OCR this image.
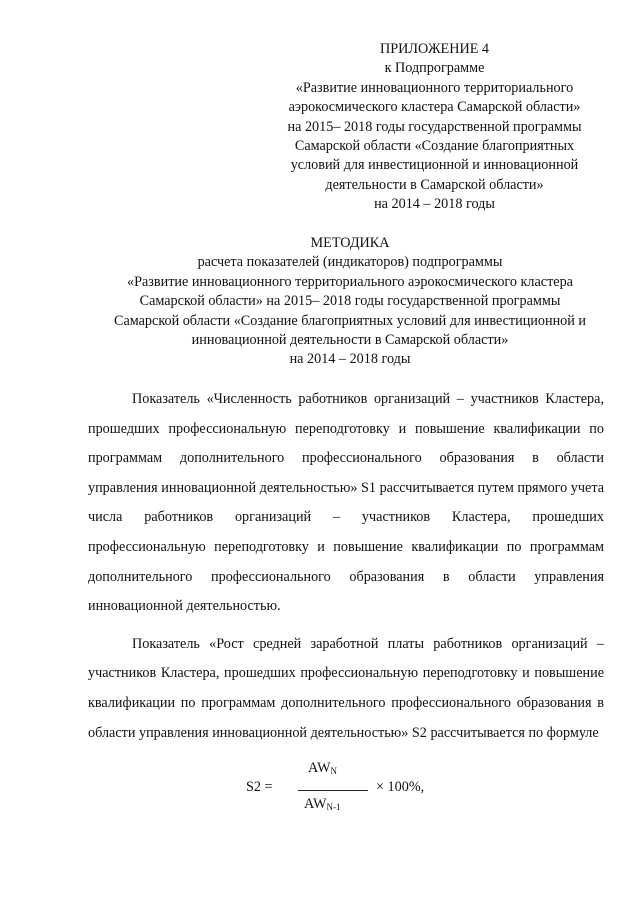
ПРИЛОЖЕНИЕ 4
к Подпрограмме
«Развитие инновационного территориального
аэрокосмического кластера Самарской области»
на 2015– 2018 годы государственной программы
Самарской области «Создание благоприятных
условий для инвестиционной и инновационной
деятельности в Самарской области»
на 2014 – 2018 годы
МЕТОДИКА
расчета показателей (индикаторов) подпрограммы
«Развитие инновационного территориального аэрокосмического кластера
Самарской области» на 2015– 2018 годы государственной программы
Самарской области «Создание благоприятных условий для инвестиционной и
инновационной деятельности в Самарской области»
на 2014 – 2018 годы

Показатель «Численность работников организаций – участников Кластера, прошедших профессиональную переподготовку и повышение квалификации по программам дополнительного профессионального образования в области управления инновационной деятельностью» S1 рассчитывается путем прямого учета числа работников организаций – участников Кластера, прошедших профессиональную переподготовку и повышение квалификации по программам дополнительного профессионального образования в области управления инновационной деятельностью.

Показатель «Рост средней заработной платы работников организаций – участников Кластера, прошедших профессиональную переподготовку и повышение квалификации по программам дополнительного профессионального образования в области управления инновационной деятельностью» S2 рассчитывается по формуле

S2 =
$AW_N$
$AW_{N-1}$
× 100%,
